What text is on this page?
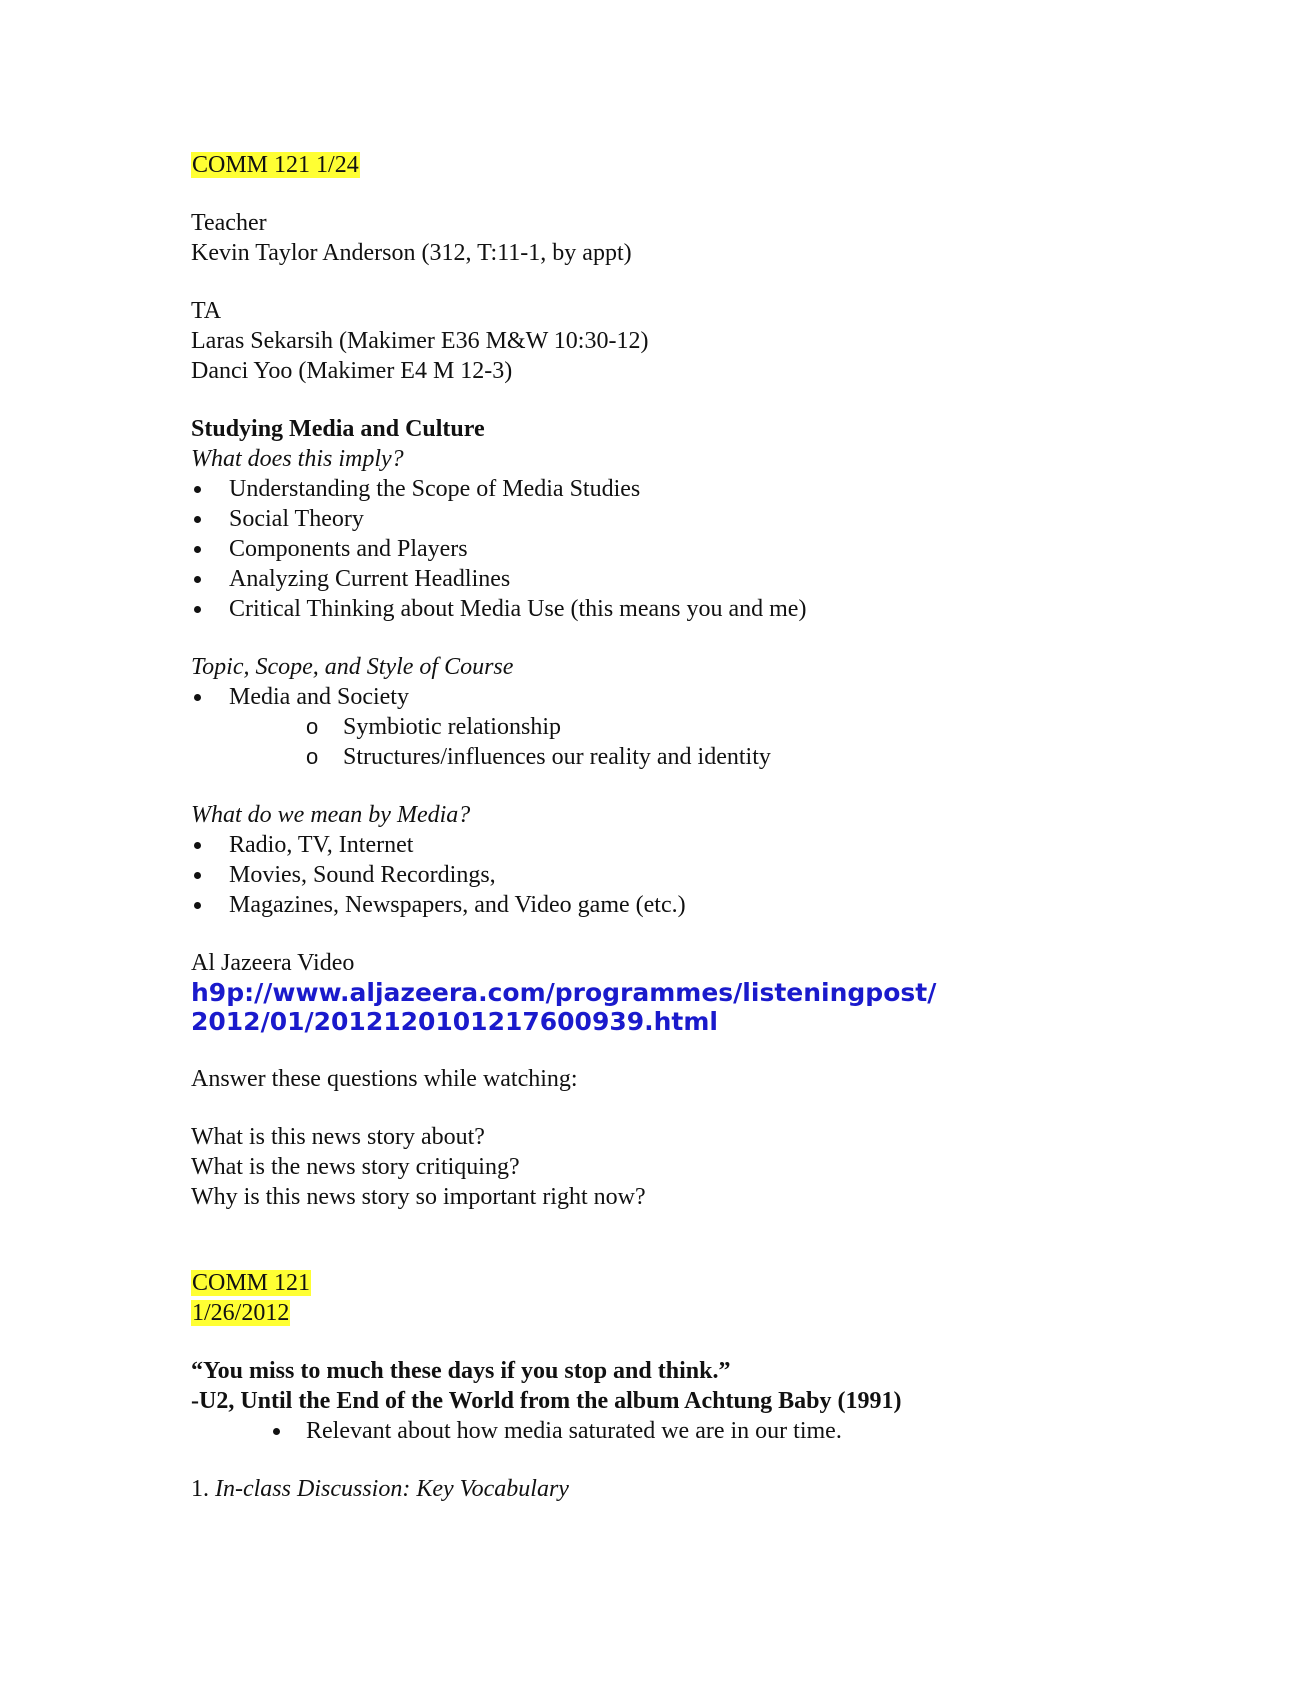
COMM 121 1/24
Teacher
Kevin Taylor Anderson (312, T:11-1, by appt)
TA
Laras Sekarsih (Makimer E36 M&W 10:30-12)
Danci Yoo (Makimer E4 M 12-3)
Studying Media and Culture
What does this imply?
Understanding the Scope of Media Studies
Social Theory
Components and Players
Analyzing Current Headlines
Critical Thinking about Media Use (this means you and me)
Topic, Scope, and Style of Course
Media and Society
o Symbiotic relationship
o Structures/influences our reality and identity
What do we mean by Media?
Radio, TV, Internet
Movies, Sound Recordings,
Magazines, Newspapers, and Video game (etc.)
Al Jazeera Video
h9p://www.aljazeera.com/programmes/listeningpost/
2012/01/2012120101217600939.html
Answer these questions while watching:
What is this news story about?
What is the news story critiquing?
Why is this news story so important right now?
COMM 121
1/26/2012
“You miss to much these days if you stop and think.”
-U2, Until the End of the World from the album Achtung Baby (1991)
Relevant about how media saturated we are in our time.
1. In-class Discussion: Key Vocabulary
